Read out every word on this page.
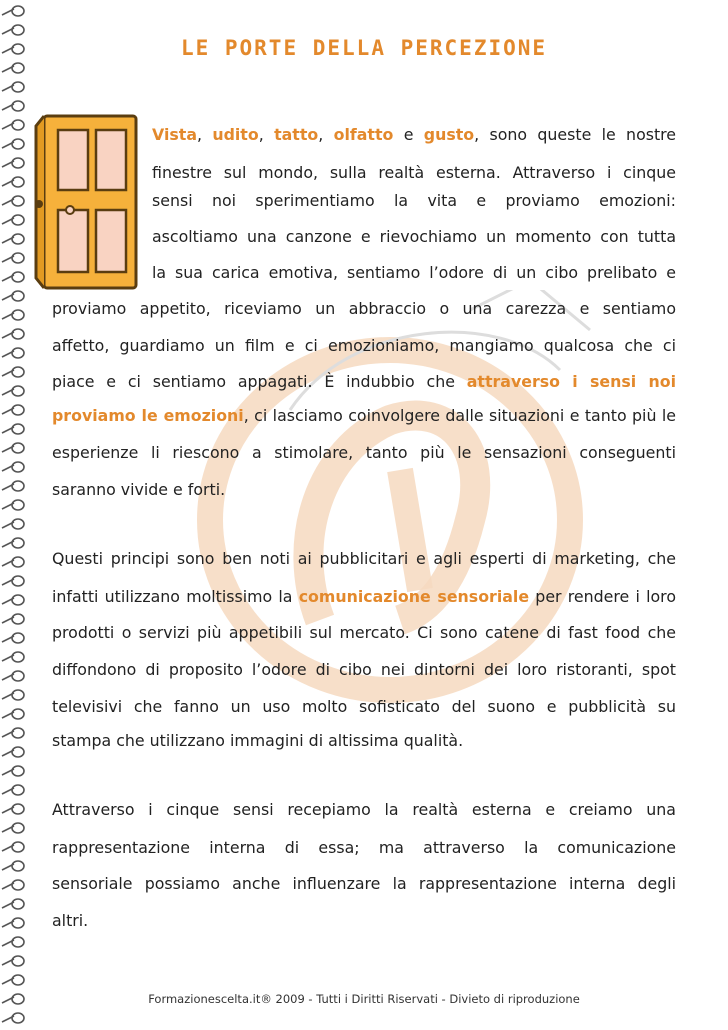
LE PORTE DELLA PERCEZIONE
Vista, udito, tatto, olfatto e gusto, sono queste le nostre
finestre sul mondo, sulla realtà esterna. Attraverso i cinque
sensi noi sperimentiamo la vita e proviamo emozioni:
ascoltiamo una canzone e rievochiamo un momento con tutta
la sua carica emotiva, sentiamo l’odore di un cibo prelibato e
proviamo appetito, riceviamo un abbraccio o una carezza e sentiamo
affetto, guardiamo un film e ci emozioniamo, mangiamo qualcosa che ci
piace e ci sentiamo appagati. È indubbio che attraverso i sensi noi
proviamo le emozioni, ci lasciamo coinvolgere dalle situazioni e tanto più le
esperienze li riescono a stimolare, tanto più le sensazioni conseguenti
saranno vivide e forti.
Questi principi sono ben noti ai pubblicitari e agli esperti di marketing, che
infatti utilizzano moltissimo la comunicazione sensoriale per rendere i loro
prodotti o servizi più appetibili sul mercato. Ci sono catene di fast food che
diffondono di proposito l’odore di cibo nei dintorni dei loro ristoranti, spot
televisivi che fanno un uso molto sofisticato del suono e pubblicità su
stampa che utilizzano immagini di altissima qualità.
Attraverso i cinque sensi recepiamo la realtà esterna e creiamo una
rappresentazione interna di essa; ma attraverso la comunicazione
sensoriale possiamo anche influenzare la rappresentazione interna degli
altri.
Formazionescelta.it® 2009 - Tutti i Diritti Riservati - Divieto di riproduzione
